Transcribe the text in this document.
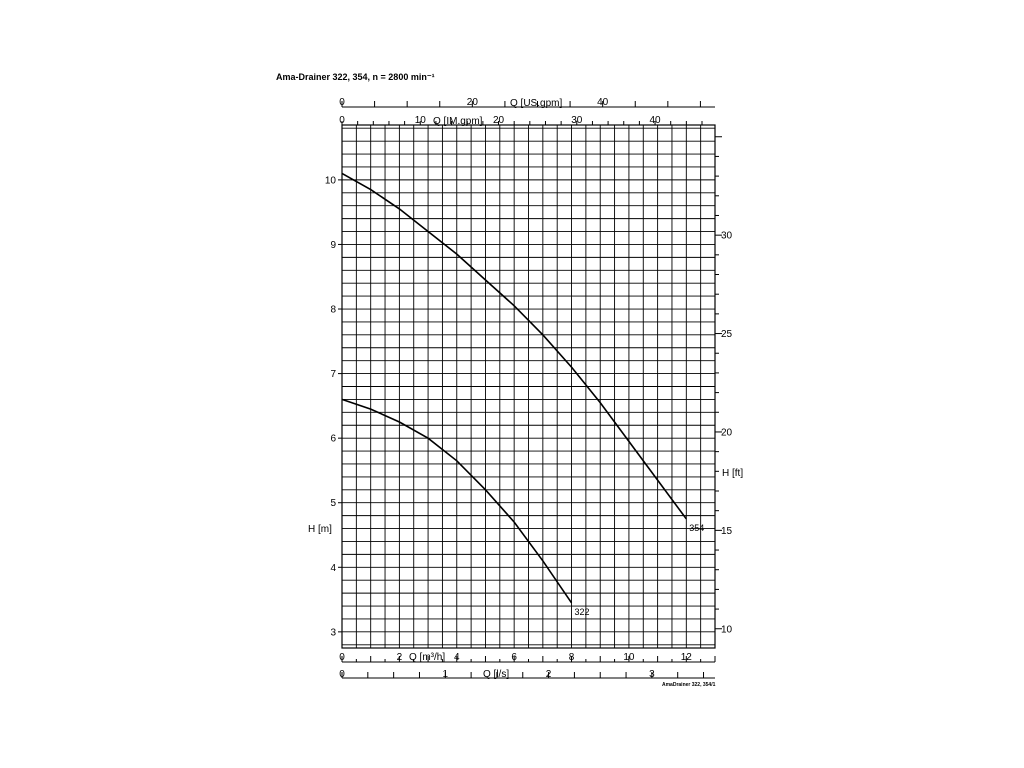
Ama-Drainer 322, 354, n = 2800 min⁻¹
3
4
5
6
7
8
9
10
10
15
20
25
30
0	20	40
0	10	20	30	40
0	2	4	6	8	10	12
0	1	2	3
354
322
H [m]
H [ft]
Q [US.gpm]
Q [IM.gpm]
Q [m³/h]
Q [l/s]
AmaDrainer 322, 354/1
